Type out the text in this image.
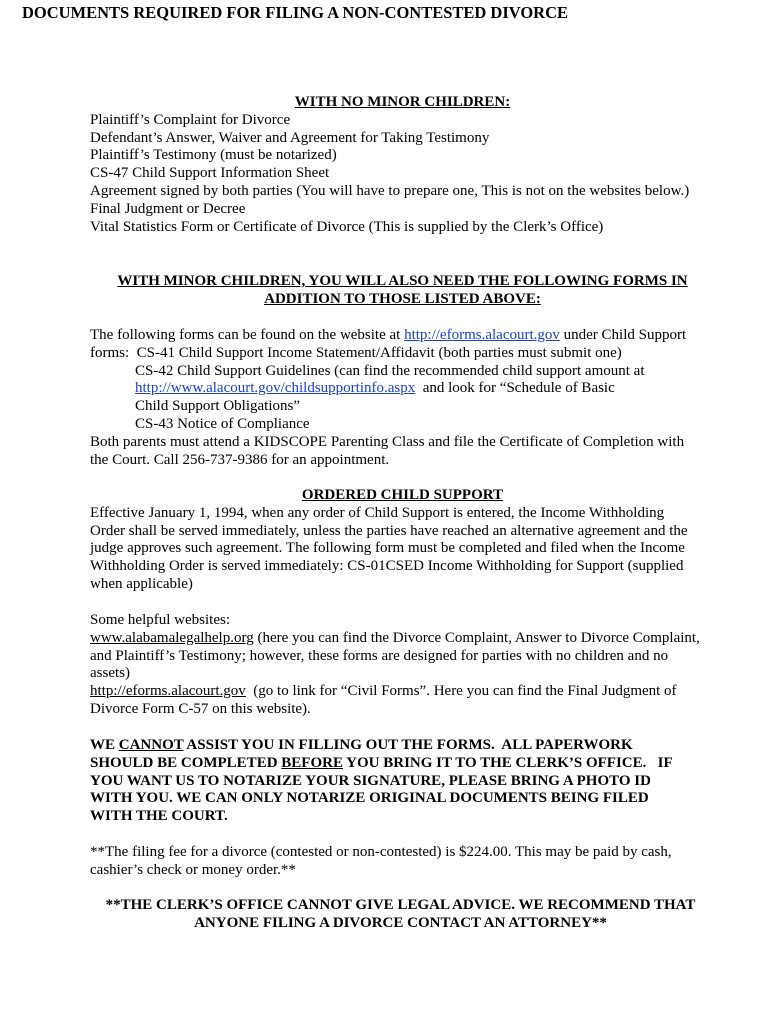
DOCUMENTS REQUIRED FOR FILING A NON-CONTESTED DIVORCE
WITH NO MINOR CHILDREN:
Plaintiff’s Complaint for Divorce
Defendant’s Answer, Waiver and Agreement for Taking Testimony
Plaintiff’s Testimony (must be notarized)
CS-47 Child Support Information Sheet
Agreement signed by both parties (You will have to prepare one, This is not on the websites below.)
Final Judgment or Decree
Vital Statistics Form or Certificate of Divorce (This is supplied by the Clerk’s Office)
WITH MINOR CHILDREN, YOU WILL ALSO NEED THE FOLLOWING FORMS IN
ADDITION TO THOSE LISTED ABOVE:
The following forms can be found on the website at http://eforms.alacourt.gov under Child Support
forms:  CS-41 Child Support Income Statement/Affidavit (both parties must submit one)
CS-42 Child Support Guidelines (can find the recommended child support amount at
http://www.alacourt.gov/childsupportinfo.aspx  and look for “Schedule of Basic
Child Support Obligations”
CS-43 Notice of Compliance
Both parents must attend a KIDSCOPE Parenting Class and file the Certificate of Completion with
the Court. Call 256-737-9386 for an appointment.
ORDERED CHILD SUPPORT
Effective January 1, 1994, when any order of Child Support is entered, the Income Withholding
Order shall be served immediately, unless the parties have reached an alternative agreement and the
judge approves such agreement. The following form must be completed and filed when the Income
Withholding Order is served immediately: CS-01CSED Income Withholding for Support (supplied
when applicable)
Some helpful websites:
www.alabamalegalhelp.org (here you can find the Divorce Complaint, Answer to Divorce Complaint,
and Plaintiff’s Testimony; however, these forms are designed for parties with no children and no
assets)
http://eforms.alacourt.gov  (go to link for “Civil Forms”. Here you can find the Final Judgment of
Divorce Form C-57 on this website).
WE CANNOT ASSIST YOU IN FILLING OUT THE FORMS.  ALL PAPERWORK
SHOULD BE COMPLETED BEFORE YOU BRING IT TO THE CLERK’S OFFICE.   IF
YOU WANT US TO NOTARIZE YOUR SIGNATURE, PLEASE BRING A PHOTO ID
WITH YOU. WE CAN ONLY NOTARIZE ORIGINAL DOCUMENTS BEING FILED
WITH THE COURT.
**The filing fee for a divorce (contested or non-contested) is $224.00. This may be paid by cash,
cashier’s check or money order.**
**THE CLERK’S OFFICE CANNOT GIVE LEGAL ADVICE. WE RECOMMEND THAT
ANYONE FILING A DIVORCE CONTACT AN ATTORNEY**
